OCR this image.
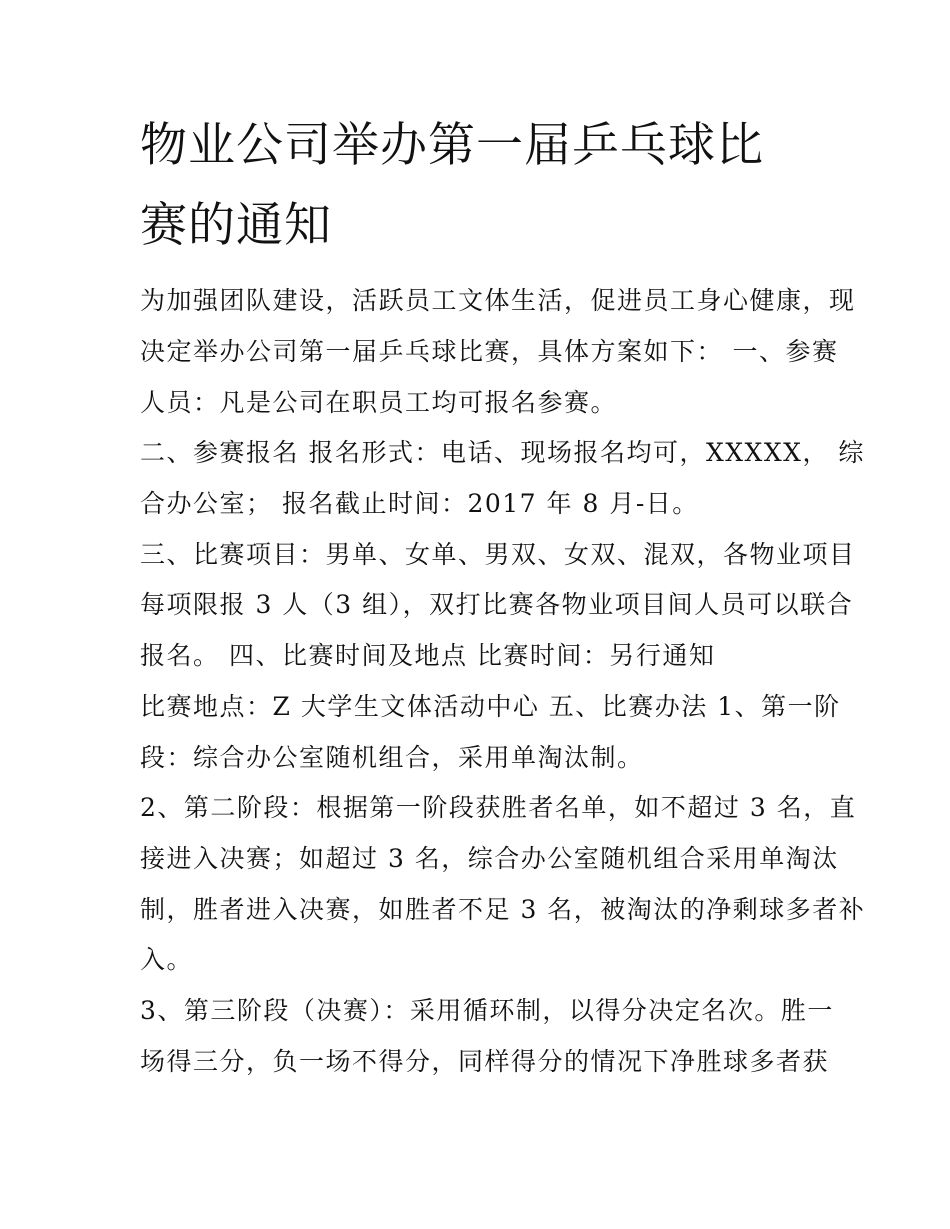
物业公司举办第一届乒乓球比
赛的通知

为加强团队建设，活跃员工文体生活，促进员工身心健康，现

决定举办公司第一届乒乓球比赛，具体方案如下： 一、参赛

人员：凡是公司在职员工均可报名参赛。

二、参赛报名 报名形式：电话、现场报名均可，XXXXX， 综

合办公室； 报名截止时间：2017 年 8 月-日。

三、比赛项目：男单、女单、男双、女双、混双，各物业项目

每项限报 3 人（3 组），双打比赛各物业项目间人员可以联合

报名。 四、比赛时间及地点 比赛时间：另行通知

比赛地点：Z 大学生文体活动中心 五、比赛办法 1、第一阶

段：综合办公室随机组合，采用单淘汰制。

2、第二阶段：根据第一阶段获胜者名单，如不超过 3 名，直

接进入决赛；如超过 3 名，综合办公室随机组合采用单淘汰

制，胜者进入决赛，如胜者不足 3 名，被淘汰的净剩球多者补

入。

3、第三阶段（决赛）：采用循环制，以得分决定名次。胜一

场得三分，负一场不得分，同样得分的情况下净胜球多者获
